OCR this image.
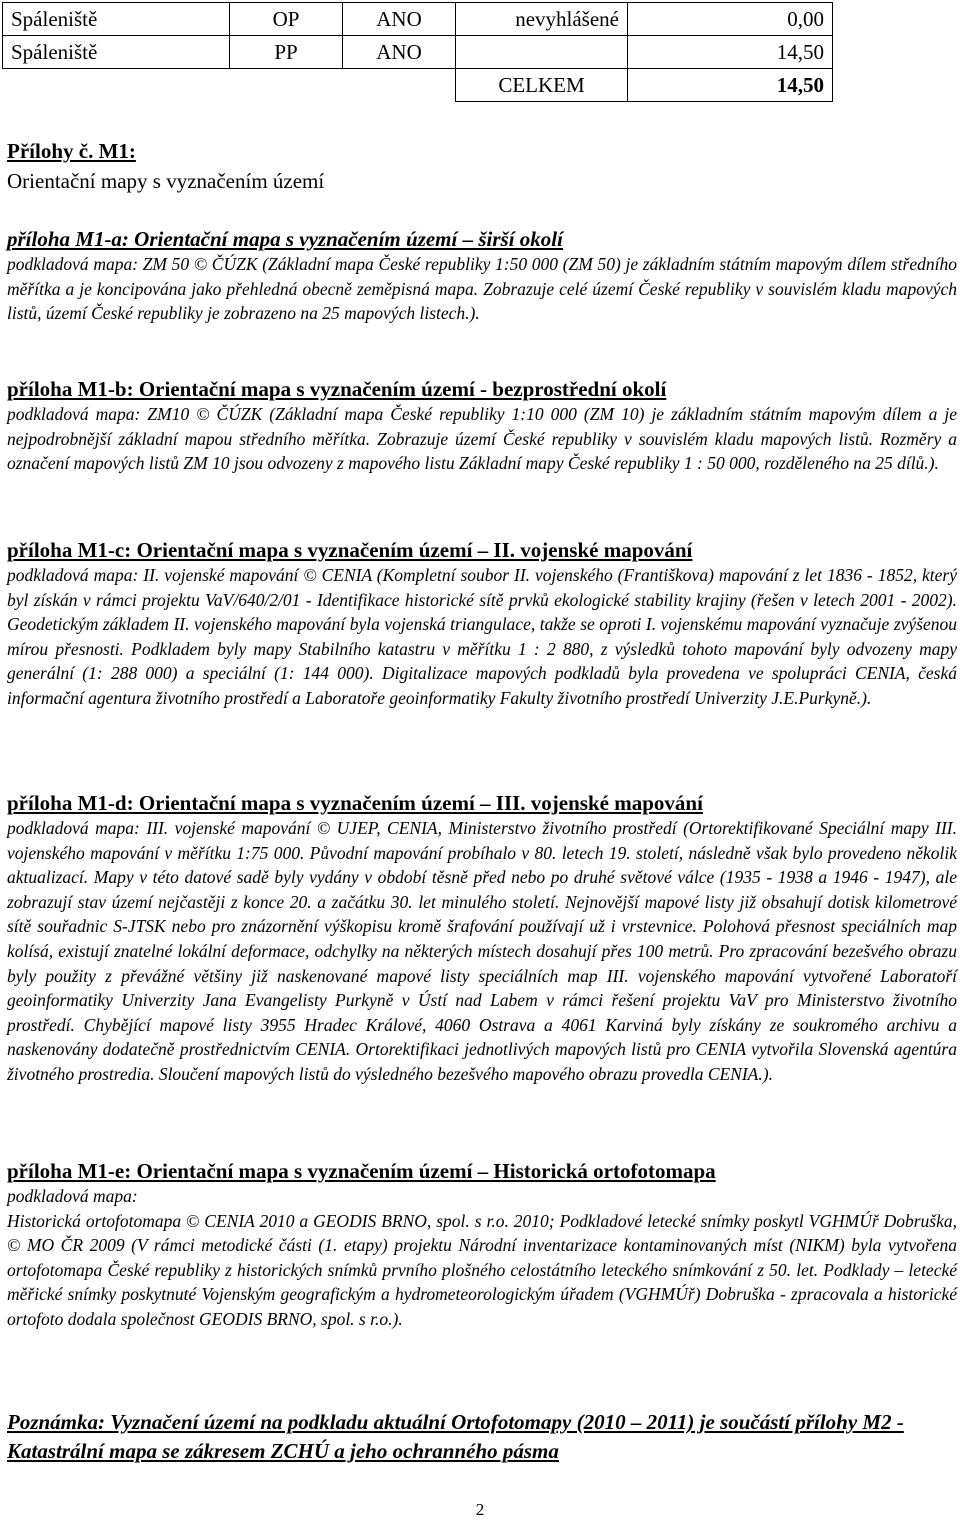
Spáleniště	OP	ANO	nevyhlášené	0,00
Spáleniště	PP	ANO		14,50
			CELKEM	14,50
Přílohy č. M1:
Orientační mapy s vyznačením území
příloha M1-a: Orientační mapa s vyznačením území – širší okolí

podkladová mapa: ZM 50 © ČÚZK (Základní mapa České republiky 1:50 000 (ZM 50) je základním státním mapovým dílem středního měřítka a je koncipována jako přehledná obecně zeměpisná mapa. Zobrazuje celé území České republiky v souvislém kladu mapových listů, území České republiky je zobrazeno na 25 mapových listech.).

příloha M1-b: Orientační mapa s vyznačením území - bezprostřední okolí

podkladová mapa: ZM10 © ČÚZK (Základní mapa České republiky 1:10 000 (ZM 10) je základním státním mapovým dílem a je nejpodrobnější základní mapou středního měřítka. Zobrazuje území České republiky v souvislém kladu mapových listů. Rozměry a označení mapových listů ZM 10 jsou odvozeny z mapového listu Základní mapy České republiky 1 : 50 000, rozděleného na 25 dílů.).

příloha M1-c: Orientační mapa s vyznačením území – II. vojenské mapování

podkladová mapa: II. vojenské mapování © CENIA (Kompletní soubor II. vojenského (Františkova) mapování z let 1836 - 1852, který byl získán v rámci projektu VaV/640/2/01 - Identifikace historické sítě prvků ekologické stability krajiny (řešen v letech 2001 - 2002). Geodetickým základem II. vojenského mapování byla vojenská triangulace, takže se oproti I. vojenskému mapování vyznačuje zvýšenou mírou přesnosti. Podkladem byly mapy Stabilního katastru v měřítku 1 : 2 880, z výsledků tohoto mapování byly odvozeny mapy generální (1: 288 000) a speciální (1: 144 000). Digitalizace mapových podkladů byla provedena ve spolupráci CENIA, česká informační agentura životního prostředí a Laboratoře geoinformatiky Fakulty životního prostředí Univerzity J.E.Purkyně.).

příloha M1-d: Orientační mapa s vyznačením území – III. vojenské mapování

podkladová mapa: III. vojenské mapování © UJEP, CENIA, Ministerstvo životního prostředí (Ortorektifikované Speciální mapy III. vojenského mapování v měřítku 1:75 000. Původní mapování probíhalo v 80. letech 19. století, následně však bylo provedeno několik aktualizací. Mapy v této datové sadě byly vydány v období těsně před nebo po druhé světové válce (1935 - 1938 a 1946 - 1947), ale zobrazují stav území nejčastěji z konce 20. a začátku 30. let minulého století. Nejnovější mapové listy již obsahují dotisk kilometrové sítě souřadnic S-JTSK nebo pro znázornění výškopisu kromě šrafování používají už i vrstevnice. Polohová přesnost speciálních map kolísá, existují znatelné lokální deformace, odchylky na některých místech dosahují přes 100 metrů. Pro zpracování bezešvého obrazu byly použity z převážné většiny již naskenované mapové listy speciálních map III. vojenského mapování vytvořené Laboratoří geoinformatiky Univerzity Jana Evangelisty Purkyně v Ústí nad Labem v rámci řešení projektu VaV pro Ministerstvo životního prostředí. Chybějící mapové listy 3955 Hradec Králové, 4060 Ostrava a 4061 Karviná byly získány ze soukromého archivu a naskenovány dodatečně prostřednictvím CENIA. Ortorektifikaci jednotlivých mapových listů pro CENIA vytvořila Slovenská agentúra životného prostredia. Sloučení mapových listů do výsledného bezešvého mapového obrazu provedla CENIA.).

příloha M1-e: Orientační mapa s vyznačením území – Historická ortofotomapa
podkladová mapa:

Historická ortofotomapa © CENIA 2010 a GEODIS BRNO, spol. s r.o. 2010; Podkladové letecké snímky poskytl VGHMÚř Dobruška, © MO ČR 2009 (V rámci metodické části (1. etapy) projektu Národní inventarizace kontaminovaných míst (NIKM) byla vytvořena ortofotomapa České republiky z historických snímků prvního plošného celostátního leteckého snímkování z 50. let. Podklady – letecké měřické snímky poskytnuté Vojenským geografickým a hydrometeorologickým úřadem (VGHMÚř) Dobruška - zpracovala a historické ortofoto dodala společnost GEODIS BRNO, spol. s r.o.).

Poznámka: Vyznačení území na podkladu aktuální Ortofotomapy (2010 – 2011) je součástí přílohy M2 - Katastrální mapa se zákresem ZCHÚ a jeho ochranného pásma

2
